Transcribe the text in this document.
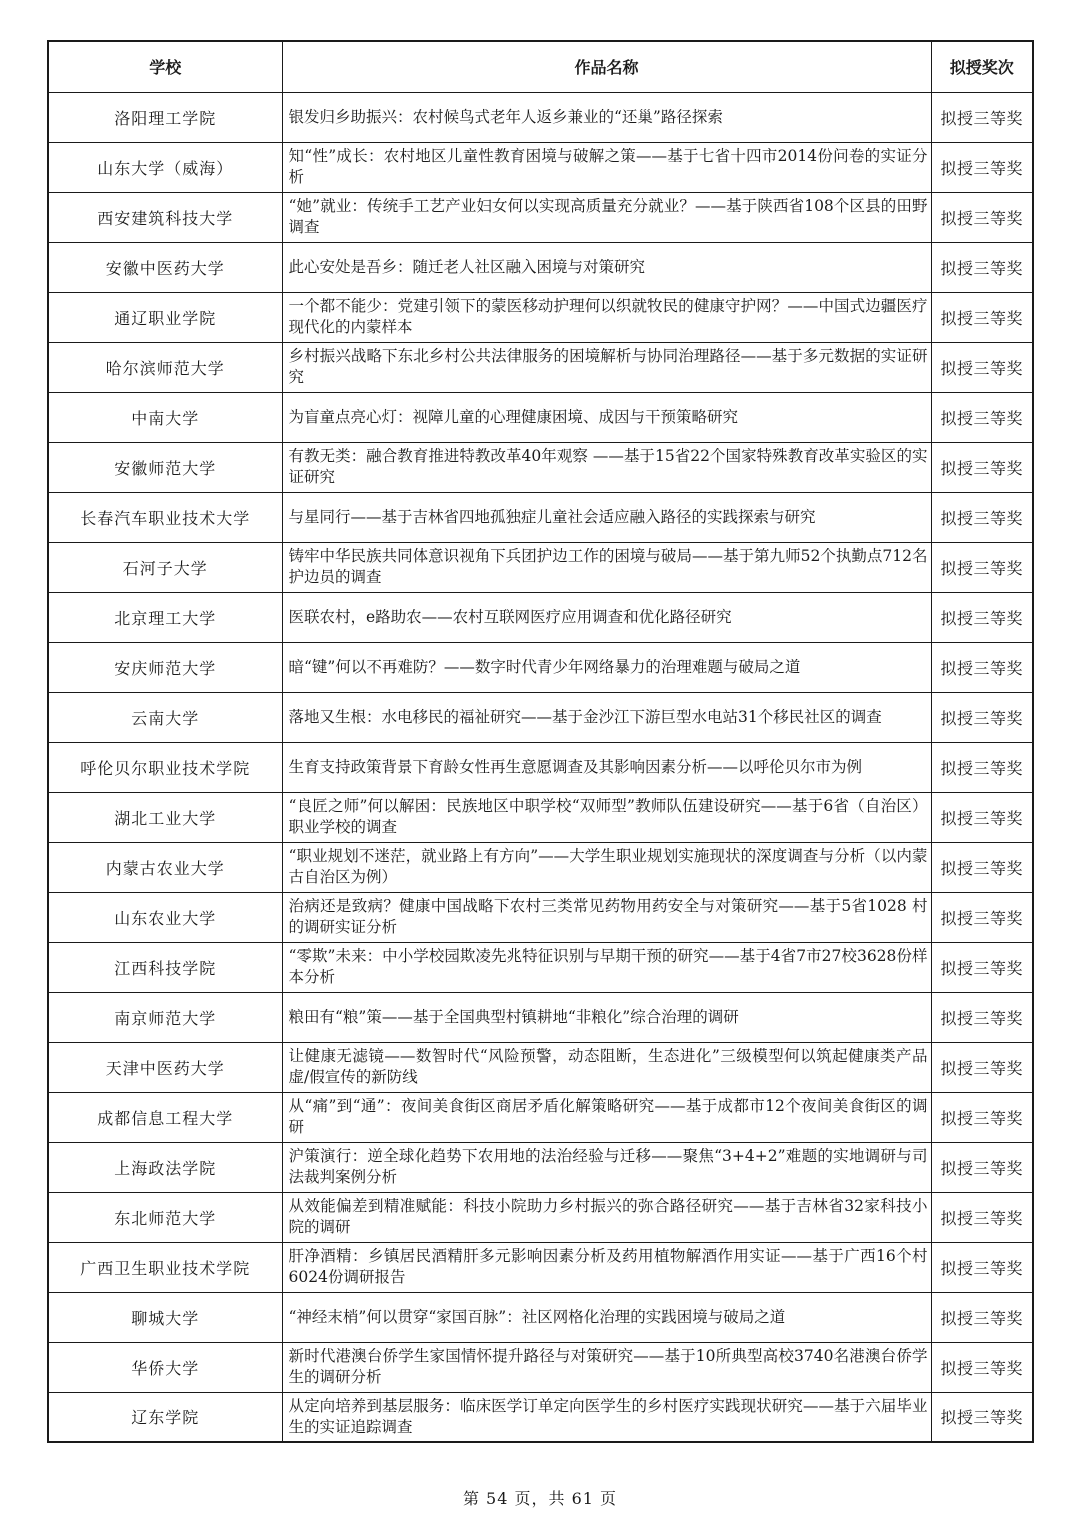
学校	作品名称	拟授奖次
洛阳理工学院	银发归乡助振兴：农村候鸟式老年人返乡兼业的“还巢”路径探索	拟授三等奖
山东大学（威海）	知“性”成长：农村地区儿童性教育困境与破解之策——基于七省十四市2014份问卷的实证分析	拟授三等奖
西安建筑科技大学	“她”就业：传统手工艺产业妇女何以实现高质量充分就业？——基于陕西省108个区县的田野调查	拟授三等奖
安徽中医药大学	此心安处是吾乡：随迁老人社区融入困境与对策研究	拟授三等奖
通辽职业学院	一个都不能少：党建引领下的蒙医移动护理何以织就牧民的健康守护网？——中国式边疆医疗现代化的内蒙样本	拟授三等奖
哈尔滨师范大学	乡村振兴战略下东北乡村公共法律服务的困境解析与协同治理路径——基于多元数据的实证研究	拟授三等奖
中南大学	为盲童点亮心灯：视障儿童的心理健康困境、成因与干预策略研究	拟授三等奖
安徽师范大学	有教无类：融合教育推进特教改革40年观察 ——基于15省22个国家特殊教育改革实验区的实证研究	拟授三等奖
长春汽车职业技术大学	与星同行——基于吉林省四地孤独症儿童社会适应融入路径的实践探索与研究	拟授三等奖
石河子大学	铸牢中华民族共同体意识视角下兵团护边工作的困境与破局——基于第九师52个执勤点712名护边员的调查	拟授三等奖
北京理工大学	医联农村，e路助农——农村互联网医疗应用调查和优化路径研究	拟授三等奖
安庆师范大学	暗“键”何以不再难防？——数字时代青少年网络暴力的治理难题与破局之道	拟授三等奖
云南大学	落地又生根：水电移民的福祉研究——基于金沙江下游巨型水电站31个移民社区的调查	拟授三等奖
呼伦贝尔职业技术学院	生育支持政策背景下育龄女性再生意愿调查及其影响因素分析——以呼伦贝尔市为例	拟授三等奖
湖北工业大学	“良匠之师”何以解困：民族地区中职学校“双师型”教师队伍建设研究——基于6省（自治区）职业学校的调查	拟授三等奖
内蒙古农业大学	“职业规划不迷茫，就业路上有方向”——大学生职业规划实施现状的深度调查与分析（以内蒙古自治区为例）	拟授三等奖
山东农业大学	治病还是致病？健康中国战略下农村三类常见药物用药安全与对策研究——基于5省1028 村的调研实证分析	拟授三等奖
江西科技学院	“零欺”未来：中小学校园欺凌先兆特征识别与早期干预的研究——基于4省7市27校3628份样本分析	拟授三等奖
南京师范大学	粮田有“粮”策——基于全国典型村镇耕地“非粮化”综合治理的调研	拟授三等奖
天津中医药大学	让健康无滤镜——数智时代“风险预警，动态阻断，生态进化”三级模型何以筑起健康类产品虚/假宣传的新防线	拟授三等奖
成都信息工程大学	从“痛”到“通”：夜间美食街区商居矛盾化解策略研究——基于成都市12个夜间美食街区的调研	拟授三等奖
上海政法学院	沪策演行：逆全球化趋势下农用地的法治经验与迁移——聚焦“3+4+2”难题的实地调研与司法裁判案例分析	拟授三等奖
东北师范大学	从效能偏差到精准赋能：科技小院助力乡村振兴的弥合路径研究——基于吉林省32家科技小院的调研	拟授三等奖
广西卫生职业技术学院	肝净酒精：乡镇居民酒精肝多元影响因素分析及药用植物解酒作用实证——基于广西16个村6024份调研报告	拟授三等奖
聊城大学	“神经末梢”何以贯穿“家国百脉”：社区网格化治理的实践困境与破局之道	拟授三等奖
华侨大学	新时代港澳台侨学生家国情怀提升路径与对策研究——基于10所典型高校3740名港澳台侨学生的调研分析	拟授三等奖
辽东学院	从定向培养到基层服务：临床医学订单定向医学生的乡村医疗实践现状研究——基于六届毕业生的实证追踪调查	拟授三等奖
第 54 页，共 61 页
